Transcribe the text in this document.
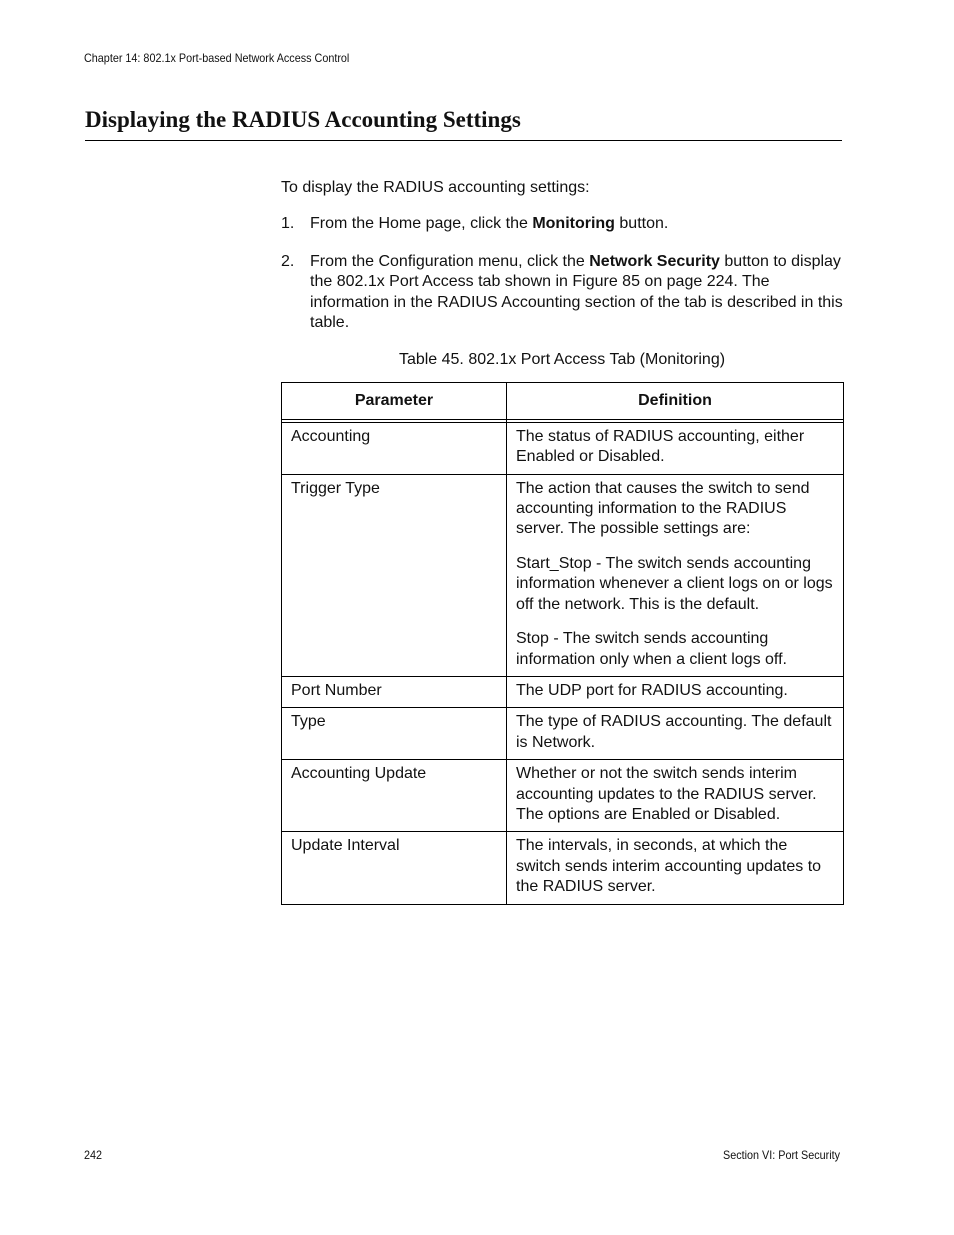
Chapter 14: 802.1x Port-based Network Access Control
Displaying the RADIUS Accounting Settings

To display the RADIUS accounting settings:

1. From the Home page, click the Monitoring button.
2. From the Configuration menu, click the Network Security button to display the 802.1x Port Access tab shown in Figure 85 on page 224. The information in the RADIUS Accounting section of the tab is described in this table.
Table 45. 802.1x Port Access Tab (Monitoring)
Parameter	Definition

Accounting	The status of RADIUS accounting, either Enabled or Disabled.

Trigger Type	The action that causes the switch to send accounting information to the RADIUS server. The possible settings are:

Start_Stop - The switch sends accounting information whenever a client logs on or logs off the network. This is the default.

Stop - The switch sends accounting information only when a client logs off.

Port Number	The UDP port for RADIUS accounting.

Type	The type of RADIUS accounting. The default is Network.

Accounting Update	Whether or not the switch sends interim accounting updates to the RADIUS server. The options are Enabled or Disabled.

Update Interval	The intervals, in seconds, at which the switch sends interim accounting updates to the RADIUS server.

242	Section VI: Port Security
